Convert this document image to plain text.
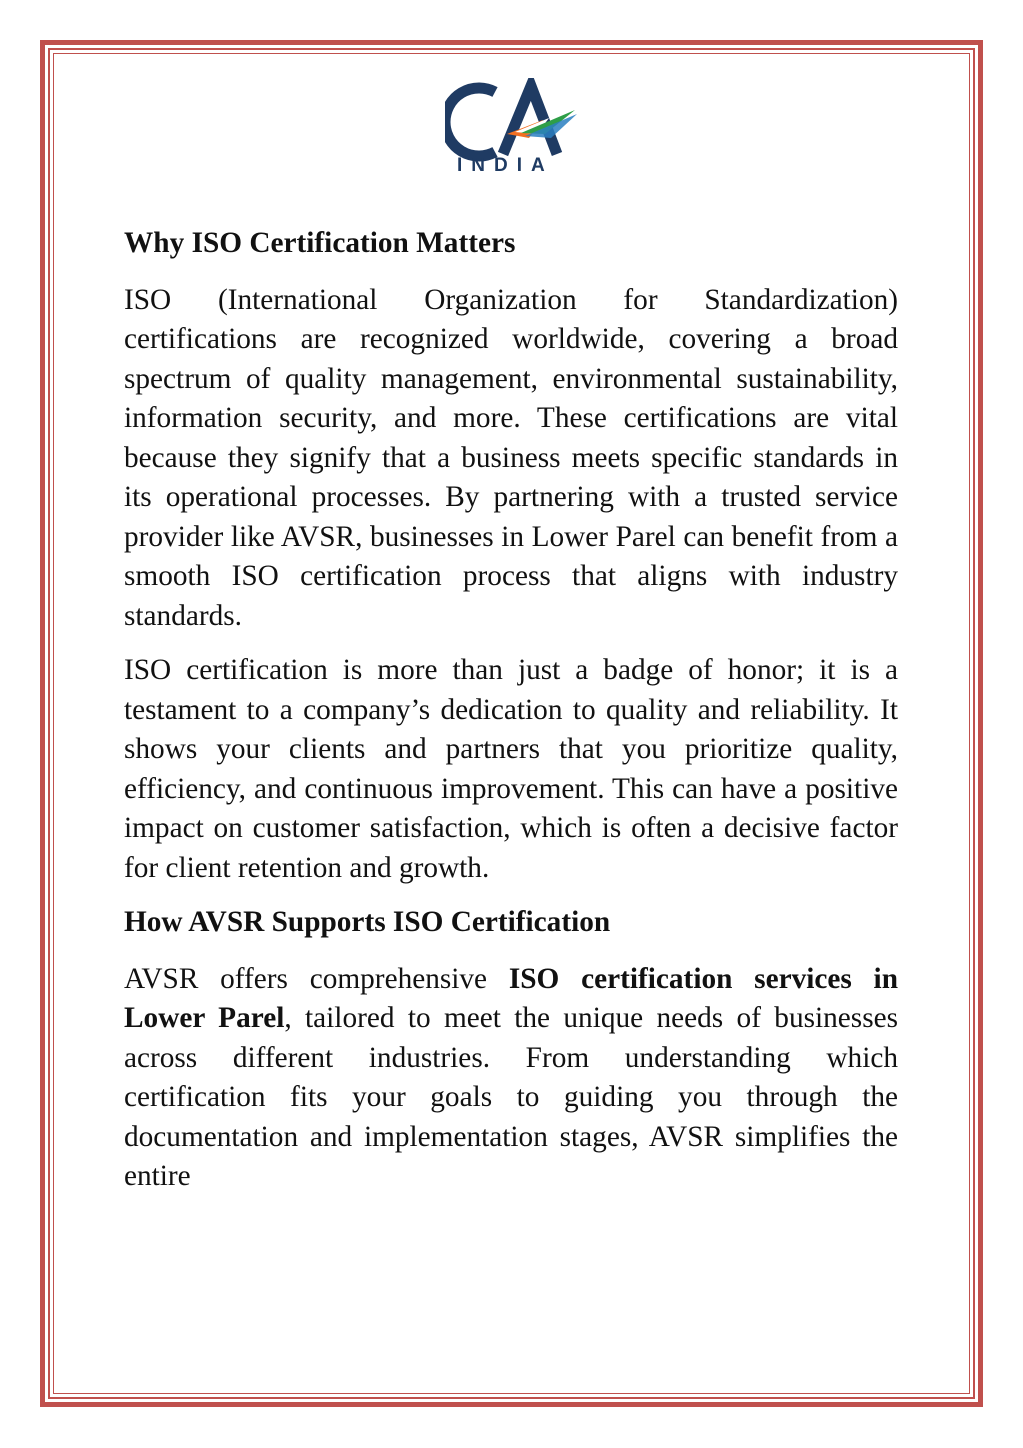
INDIA
Why ISO Certification Matters

ISO (International Organization for Standardization) certifications are recognized worldwide, covering a broad spectrum of quality management, environmental sustainability, information security, and more. These certifications are vital because they signify that a business meets specific standards in its operational processes. By partnering with a trusted service provider like AVSR, businesses in Lower Parel can benefit from a smooth ISO certification process that aligns with industry standards.

ISO certification is more than just a badge of honor; it is a testament to a company’s dedication to quality and reliability. It shows your clients and partners that you prioritize quality, efficiency, and continuous improvement. This can have a positive impact on customer satisfaction, which is often a decisive factor for client retention and growth.

How AVSR Supports ISO Certification

AVSR offers comprehensive ISO certification services in Lower Parel, tailored to meet the unique needs of businesses across different industries. From understanding which certification fits your goals to guiding you through the documentation and implementation stages, AVSR simplifies the entire
